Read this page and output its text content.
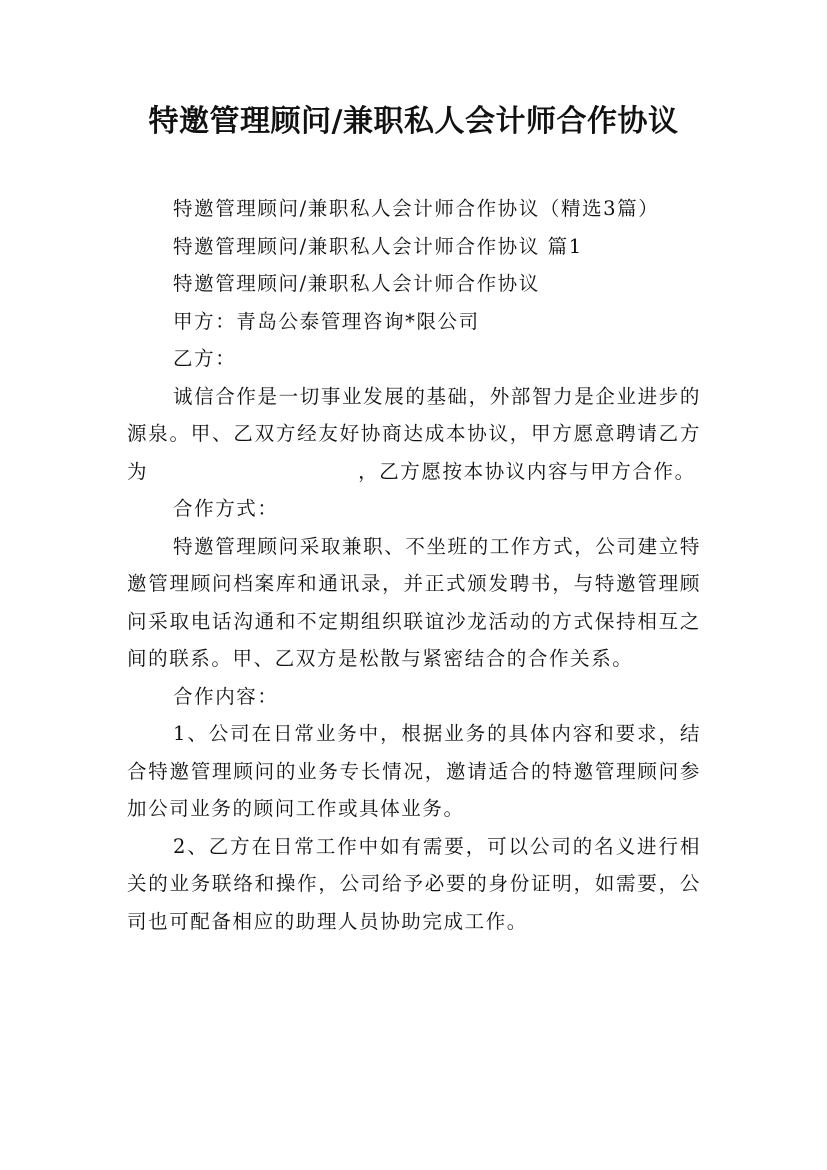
特邀管理顾问/兼职私人会计师合作协议

特邀管理顾问/兼职私人会计师合作协议（精选3篇）

特邀管理顾问/兼职私人会计师合作协议 篇1

特邀管理顾问/兼职私人会计师合作协议

甲方：青岛公泰管理咨询*限公司

乙方：

诚信合作是一切事业发展的基础，外部智力是企业进步的源泉。甲、乙双方经友好协商达成本协议，甲方愿意聘请乙方为	，乙方愿按本协议内容与甲方合作。

合作方式：

特邀管理顾问采取兼职、不坐班的工作方式，公司建立特邀管理顾问档案库和通讯录，并正式颁发聘书，与特邀管理顾问采取电话沟通和不定期组织联谊沙龙活动的方式保持相互之间的联系。甲、乙双方是松散与紧密结合的合作关系。

合作内容：

1、公司在日常业务中，根据业务的具体内容和要求，结合特邀管理顾问的业务专长情况，邀请适合的特邀管理顾问参加公司业务的顾问工作或具体业务。

2、乙方在日常工作中如有需要，可以公司的名义进行相关的业务联络和操作，公司给予必要的身份证明，如需要，公司也可配备相应的助理人员协助完成工作。
